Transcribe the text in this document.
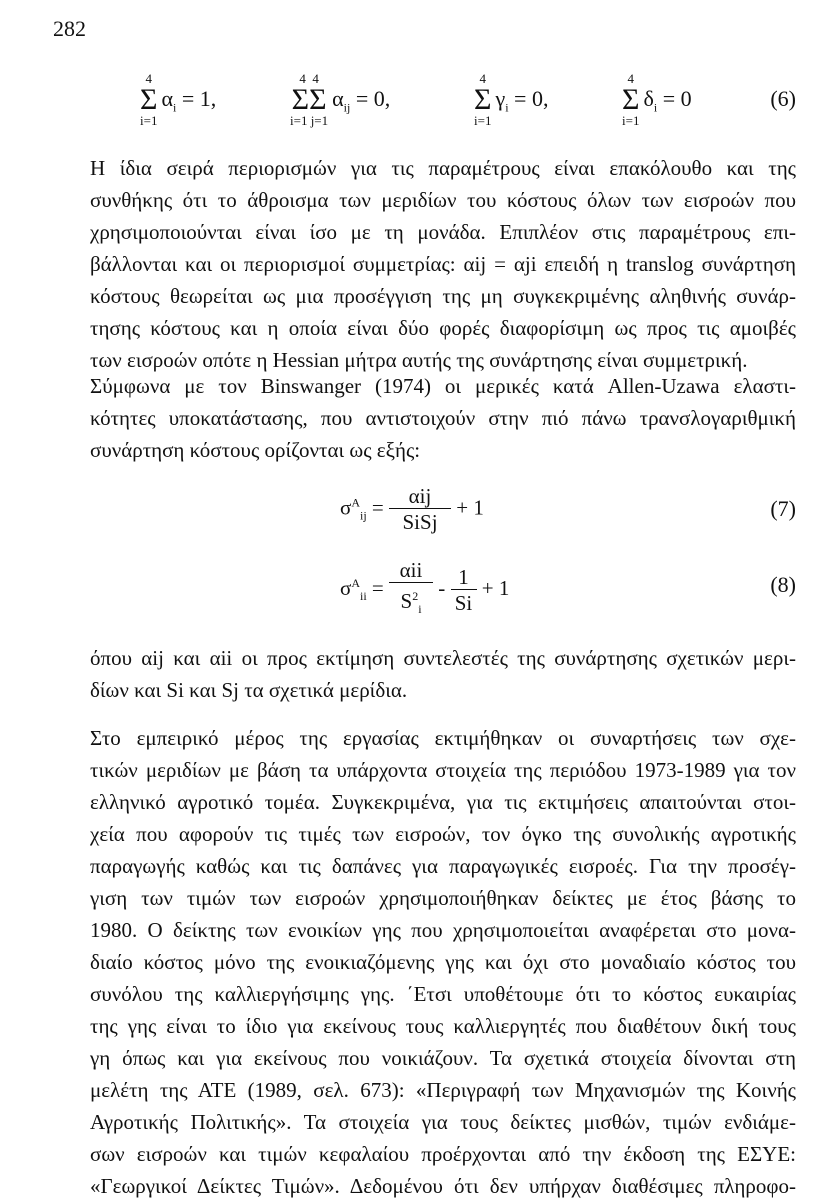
282
4
Σ
i=1
$\alpha_i = 1$,
4  4
ΣΣ
i=1 j=1
$\alpha_{ij} = 0$,
4
Σ
i=1
$\gamma_i = 0$,
4
Σ
i=1
$\delta_i = 0$	(6)
Η ίδια σειρά περιορισμών για τις παραμέτρους είναι επακόλουθο και της
συνθήκης ότι το άθροισμα των μεριδίων του κόστους όλων των εισροών που
χρησιμοποιούνται είναι ίσο με τη μονάδα. Επιπλέον στις παραμέτρους επι-
βάλλονται και οι περιορισμοί συμμετρίας: αij = αji επειδή η translog συνάρτηση
κόστους θεωρείται ως μια προσέγγιση της μη συγκεκριμένης αληθινής συνάρ-
τησης κόστους και η οποία είναι δύο φορές διαφορίσιμη ως προς τις αμοιβές
των εισροών οπότε η Hessian μήτρα αυτής της συνάρτησης είναι συμμετρική.
Σύμφωνα με τον Binswanger (1974) οι μερικές κατά Allen-Uzawa ελαστι-
κότητες υποκατάστασης, που αντιστοιχούν στην πιό πάνω τρανσλογαριθμική
συνάρτηση κόστους ορίζονται ως εξής:
$\sigma^A_{ij} = \frac{\text{αij}}{\text{SiSj}} + 1$	(7)
$\sigma^A_{ii} = \frac{\text{αii}}{S^2_i} - \frac{1}{Si} + 1$	(8)
όπου αij και αii οι προς εκτίμηση συντελεστές της συνάρτησης σχετικών μερι-
δίων και Si και Sj τα σχετικά μερίδια.
Στο εμπειρικό μέρος της εργασίας εκτιμήθηκαν οι συναρτήσεις των σχε-
τικών μεριδίων με βάση τα υπάρχοντα στοιχεία της περιόδου 1973-1989 για τον
ελληνικό αγροτικό τομέα. Συγκεκριμένα, για τις εκτιμήσεις απαιτούνται στοι-
χεία που αφορούν τις τιμές των εισροών, τον όγκο της συνολικής αγροτικής
παραγωγής καθώς και τις δαπάνες για παραγωγικές εισροές. Για την προσέγ-
γιση των τιμών των εισροών χρησιμοποιήθηκαν δείκτες με έτος βάσης το
1980. Ο δείκτης των ενοικίων γης που χρησιμοποιείται αναφέρεται στο μονα-
διαίο κόστος μόνο της ενοικιαζόμενης γης και όχι στο μοναδιαίο κόστος του
συνόλου της καλλιεργήσιμης γης. ΄Ετσι υποθέτουμε ότι το κόστος ευκαιρίας
της γης είναι το ίδιο για εκείνους τους καλλιεργητές που διαθέτουν δική τους
γη όπως και για εκείνους που νοικιάζουν. Τα σχετικά στοιχεία δίνονται στη
μελέτη της ΑΤΕ (1989, σελ. 673): «Περιγραφή των Μηχανισμών της Κοινής
Αγροτικής Πολιτικής». Τα στοιχεία για τους δείκτες μισθών, τιμών ενδιάμε-
σων εισροών και τιμών κεφαλαίου προέρχονται από την έκδοση της ΕΣΥΕ:
«Γεωργικοί Δείκτες Τιμών». Δεδομένου ότι δεν υπήρχαν διαθέσιμες πληροφο-
